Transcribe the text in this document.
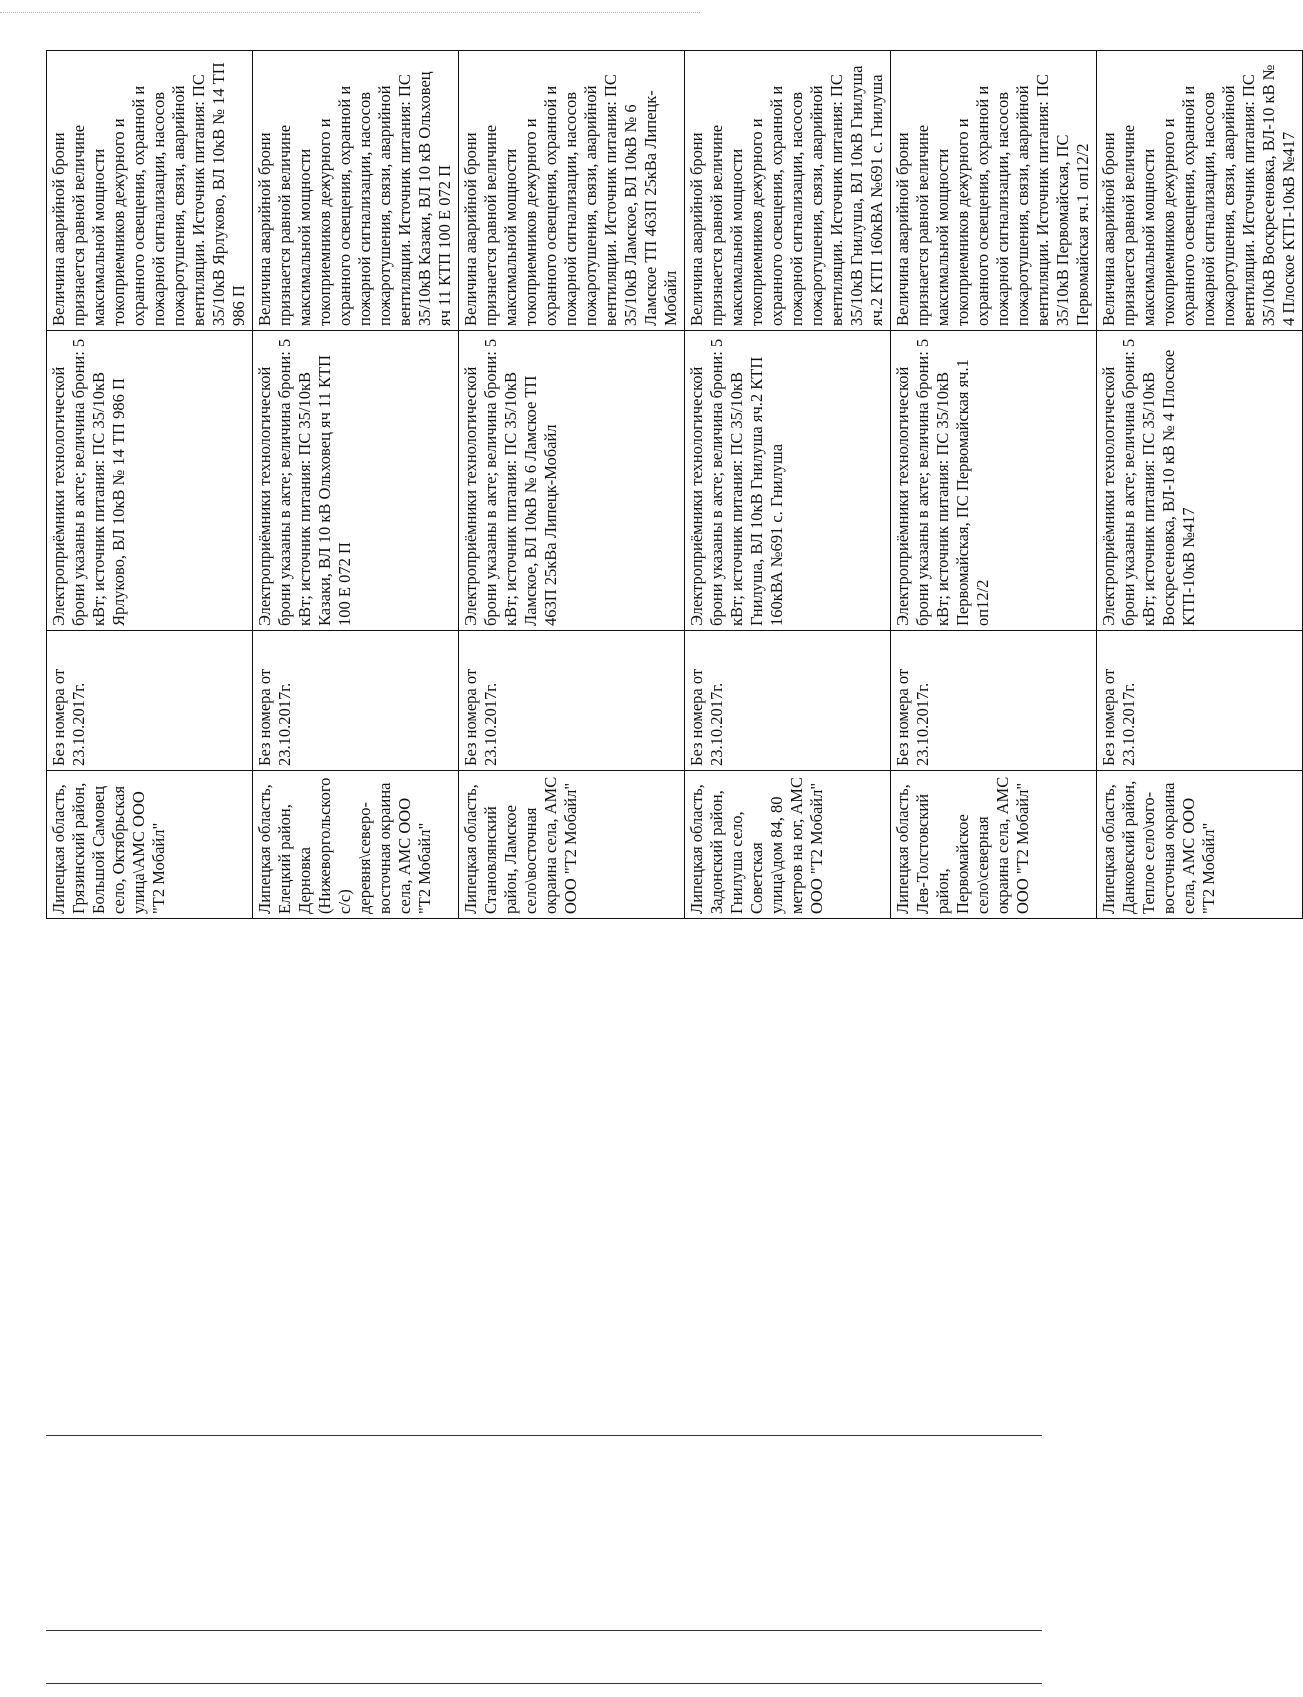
Липецкая область, Грязинский район, Большой Самовец село, Октябрьская улица\АМС ООО "Т2 Мобайл"	Без номера от 23.10.2017г.	Электроприёмники технологической брони указаны в акте; величина брони: 5 кВт; источник питания: ПС 35/10кВ Ярлуково, ВЛ 10кВ № 14 ТП 986 П	Величина аварийной брони признается равной величине максимальной мощности токоприемников дежурного и охранного освещения, охранной и пожарной сигнализации, насосов пожаротушения, связи, аварийной вентиляции. Источник питания: ПС 35/10кВ Ярлуково, ВЛ 10кВ № 14 ТП 986 П
Липецкая область, Елецкий район, Дерновка (Нижеворгольского с/с) деревня\северо-восточная окраина села, АМС ООО "Т2 Мобайл"	Без номера от 23.10.2017г.	Электроприёмники технологической брони указаны в акте; величина брони: 5 кВт; источник питания: ПС 35/10кВ Казаки, ВЛ 10 кВ Ольховец яч 11 КТП 100 Е 072 П	Величина аварийной брони признается равной величине максимальной мощности токоприемников дежурного и охранного освещения, охранной и пожарной сигнализации, насосов пожаротушения, связи, аварийной вентиляции. Источник питания: ПС 35/10кВ Казаки, ВЛ 10 кВ Ольховец яч 11 КТП 100 Е 072 П
Липецкая область, Становлянский район, Ламское село\восточная окраина села, АМС ООО "Т2 Мобайл"	Без номера от 23.10.2017г.	Электроприёмники технологической брони указаны в акте; величина брони: 5 кВт; источник питания: ПС 35/10кВ Ламское, ВЛ 10кВ № 6 Ламское ТП 463П 25кВа Липецк-Мобайл	Величина аварийной брони признается равной величине максимальной мощности токоприемников дежурного и охранного освещения, охранной и пожарной сигнализации, насосов пожаротушения, связи, аварийной вентиляции. Источник питания: ПС 35/10кВ Ламское, ВЛ 10кВ № 6 Ламское ТП 463П 25кВа Липецк-Мобайл
Липецкая область, Задонский район, Гнилуша село, Советская улица\дом 84, 80 метров на юг, АМС ООО "Т2 Мобайл"	Без номера от 23.10.2017г.	Электроприёмники технологической брони указаны в акте; величина брони: 5 кВт; источник питания: ПС 35/10кВ Гнилуша, ВЛ 10кВ Гнилуша яч.2 КТП 160кВА №691 с. Гнилуша	Величина аварийной брони признается равной величине максимальной мощности токоприемников дежурного и охранного освещения, охранной и пожарной сигнализации, насосов пожаротушения, связи, аварийной вентиляции. Источник питания: ПС 35/10кВ Гнилуша, ВЛ 10кВ Гнилуша яч.2 КТП 160кВА №691 с. Гнилуша
Липецкая область, Лев-Толстовский район, Первомайское село\северная окраина села, АМС ООО "Т2 Мобайл"	Без номера от 23.10.2017г.	Электроприёмники технологической брони указаны в акте; величина брони: 5 кВт; источник питания: ПС 35/10кВ Первомайская, ПС Первомайская яч.1 оп12/2	Величина аварийной брони признается равной величине максимальной мощности токоприемников дежурного и охранного освещения, охранной и пожарной сигнализации, насосов пожаротушения, связи, аварийной вентиляции. Источник питания: ПС 35/10кВ Первомайская, ПС Первомайская яч.1 оп12/2
Липецкая область, Данковский район, Теплое село\юго-восточная окраина села, АМС ООО "Т2 Мобайл"	Без номера от 23.10.2017г.	Электроприёмники технологической брони указаны в акте; величина брони: 5 кВт; источник питания: ПС 35/10кВ Воскресеновка, ВЛ-10 кВ № 4 Плоское КТП-10кВ №417	Величина аварийной брони признается равной величине максимальной мощности токоприемников дежурного и охранного освещения, охранной и пожарной сигнализации, насосов пожаротушения, связи, аварийной вентиляции. Источник питания: ПС 35/10кВ Воскресеновка, ВЛ-10 кВ № 4 Плоское КТП-10кВ №417
